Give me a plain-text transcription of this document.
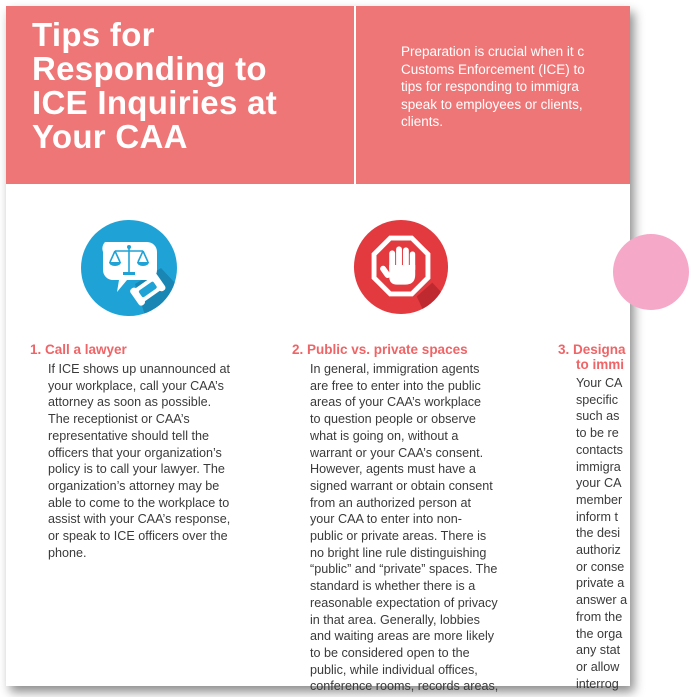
Tips for
Responding to
ICE Inquiries at
Your CAA
Preparation is crucial when it c
Customs Enforcement (ICE) to
tips for responding to immigra
speak to employees or clients,
clients.
1. Call a lawyer
If ICE shows up unannounced at
your workplace, call your CAA’s
attorney as soon as possible.
The receptionist or CAA’s
representative should tell the
officers that your organization’s
policy is to call your lawyer. The
organization’s attorney may be
able to come to the workplace to
assist with your CAA’s response,
or speak to ICE officers over the
phone.
2. Public vs. private spaces
In general, immigration agents
are free to enter into the public
areas of your CAA’s workplace
to question people or observe
what is going on, without a
warrant or your CAA’s consent.
However, agents must have a
signed warrant or obtain consent
from an authorized person at
your CAA to enter into non-
public or private areas. There is
no bright line rule distinguishing
“public” and “private” spaces. The
standard is whether there is a
reasonable expectation of privacy
in that area. Generally, lobbies
and waiting areas are more likely
to be considered open to the
public, while individual offices,
conference rooms, records areas,
3. Designa
to immi
Your CA
specific
such as
to be re
contacts
immigra
your CA
member
inform t
the desi
authoriz
or conse
private a
answer a
from the
the orga
any stat
or allow
interrog
